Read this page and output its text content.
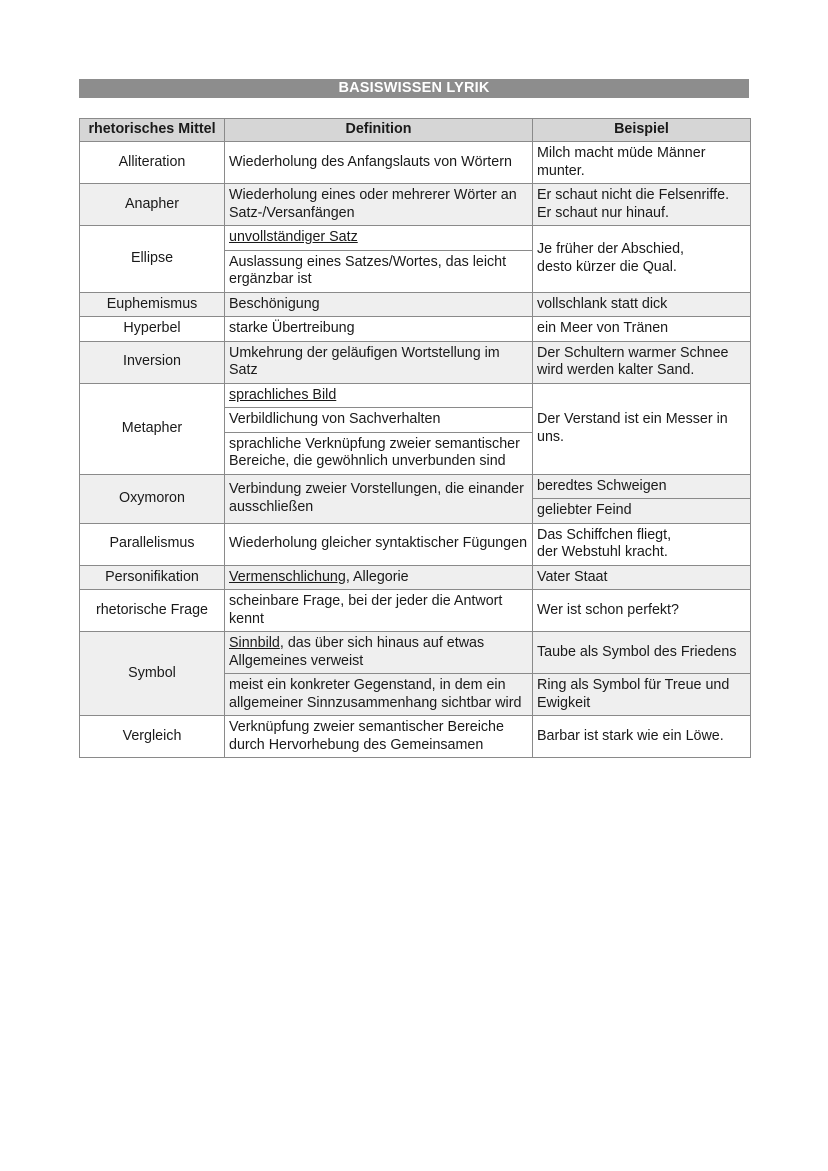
BASISWISSEN LYRIK
rhetorisches Mittel	Definition	Beispiel
Alliteration	Wiederholung des Anfangslauts von Wörtern	Milch macht müde Männer munter.
Anapher	Wiederholung eines oder mehrerer Wörter an Satz-/Versanfängen	Er schaut nicht die Felsenriffe.
Er schaut nur hinauf.
Ellipse	unvollständiger Satz	Je früher der Abschied,
desto kürzer die Qual.
	Auslassung eines Satzes/Wortes, das leicht ergänzbar ist	
Euphemismus	Beschönigung	vollschlank statt dick
Hyperbel	starke Übertreibung	ein Meer von Tränen
Inversion	Umkehrung der geläufigen Wortstellung im Satz	Der Schultern warmer Schnee wird werden kalter Sand.
Metapher	sprachliches Bild	Der Verstand ist ein Messer in uns.
	Verbildlichung von Sachverhalten	
	sprachliche Verknüpfung zweier semantischer Bereiche, die gewöhnlich unverbunden sind	
Oxymoron	Verbindung zweier Vorstellungen, die einander ausschließen	beredtes Schweigen
		geliebter Feind
Parallelismus	Wiederholung gleicher syntaktischer Fügungen	Das Schiffchen fliegt,
der Webstuhl kracht.
Personifikation	Vermenschlichung, Allegorie	Vater Staat
rhetorische Frage	scheinbare Frage, bei der jeder die Antwort kennt	Wer ist schon perfekt?
Symbol	Sinnbild, das über sich hinaus auf etwas Allgemeines verweist	Taube als Symbol des Friedens
	meist ein konkreter Gegenstand, in dem ein allgemeiner Sinnzusammenhang sichtbar wird	Ring als Symbol für Treue und Ewigkeit
Vergleich	Verknüpfung zweier semantischer Bereiche durch Hervorhebung des Gemeinsamen	Barbar ist stark wie ein Löwe.
